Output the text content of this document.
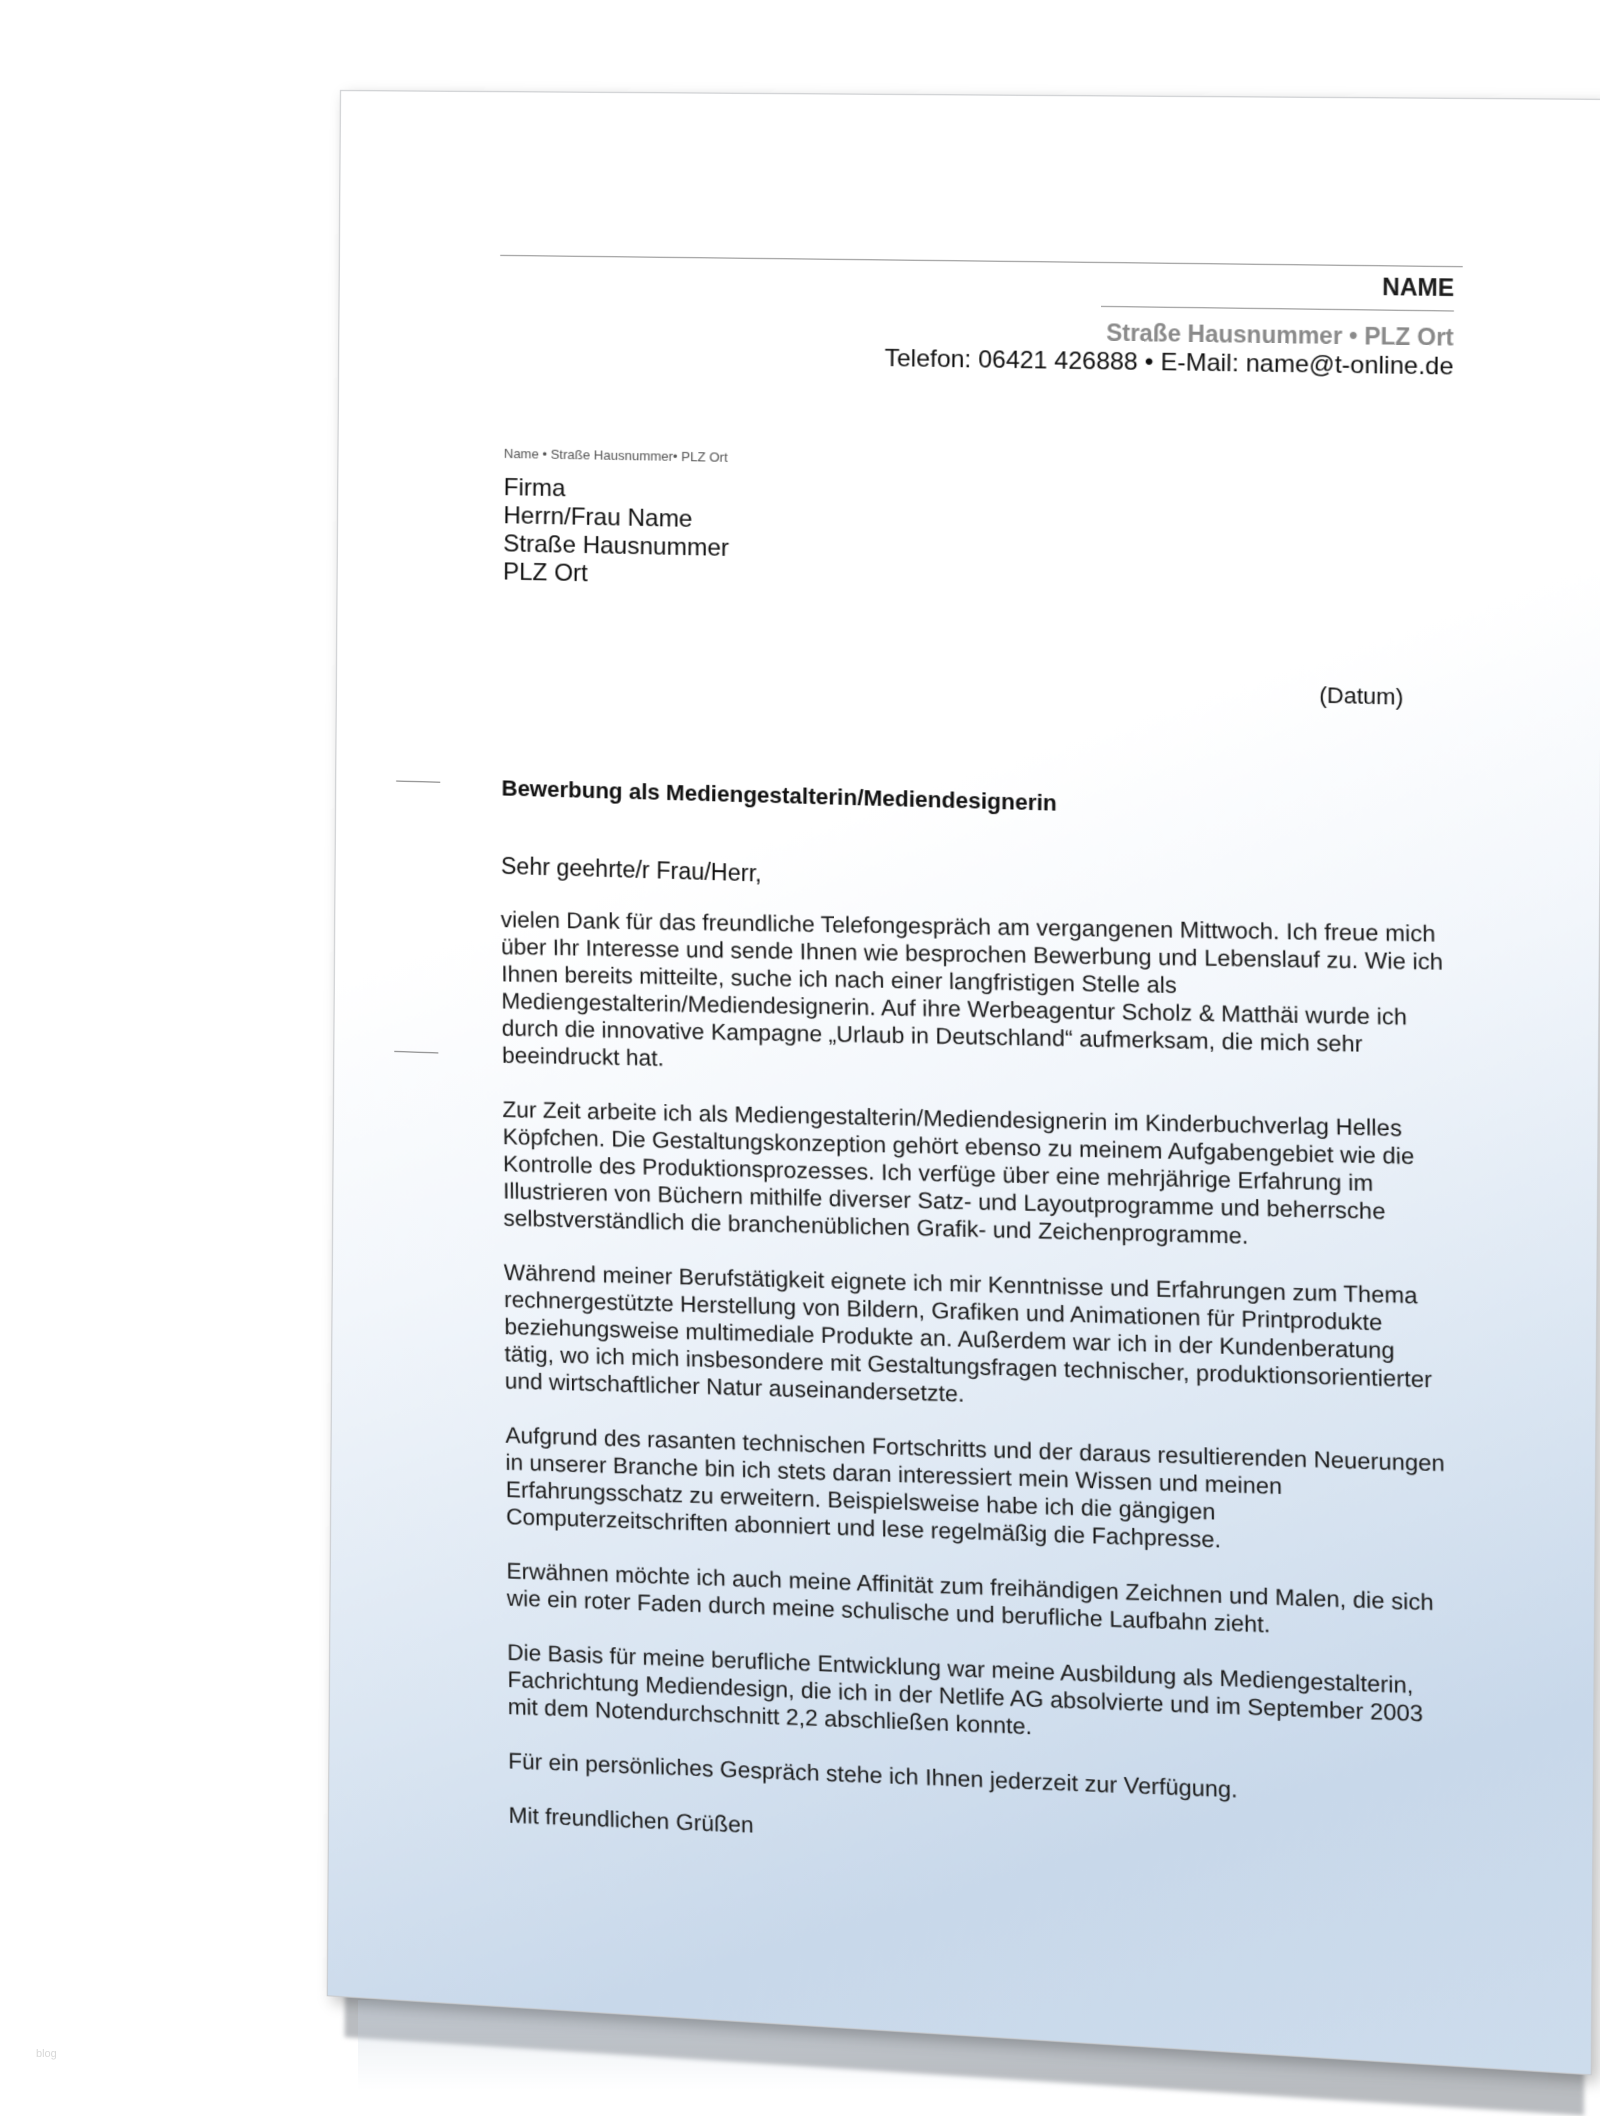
NAME
Straße Hausnummer • PLZ Ort
Telefon: 06421 426888 • E-Mail: name@t-online.de
Name • Straße Hausnummer• PLZ Ort
Firma
Herrn/Frau Name
Straße Hausnummer
PLZ Ort
(Datum)
Bewerbung als Mediengestalterin/Mediendesignerin
Sehr geehrte/r Frau/Herr,

vielen Dank für das freundliche Telefongespräch am vergangenen Mittwoch. Ich freue mich über Ihr Interesse und sende Ihnen wie besprochen Bewerbung und Lebenslauf zu. Wie ich Ihnen bereits mitteilte, suche ich nach einer langfristigen Stelle als Mediengestalterin/Mediendesignerin. Auf ihre Werbeagentur Scholz & Matthäi wurde ich durch die innovative Kampagne „Urlaub in Deutschland“ aufmerksam, die mich sehr beeindruckt hat.

Zur Zeit arbeite ich als Mediengestalterin/Mediendesignerin im Kinderbuchverlag Helles Köpfchen. Die Gestaltungskonzeption gehört ebenso zu meinem Aufgabengebiet wie die Kontrolle des Produktionsprozesses. Ich verfüge über eine mehrjährige Erfahrung im Illustrieren von Büchern mithilfe diverser Satz- und Layoutprogramme und beherrsche selbstverständlich die branchenüblichen Grafik- und Zeichenprogramme.

Während meiner Berufstätigkeit eignete ich mir Kenntnisse und Erfahrungen zum Thema rechnergestützte Herstellung von Bildern, Grafiken und Animationen für Printprodukte beziehungsweise multimediale Produkte an. Außerdem war ich in der Kundenberatung tätig, wo ich mich insbesondere mit Gestaltungsfragen technischer, produktionsorientierter und wirtschaftlicher Natur auseinandersetzte.

Aufgrund des rasanten technischen Fortschritts und der daraus resultierenden Neuerungen in unserer Branche bin ich stets daran interessiert mein Wissen und meinen Erfahrungsschatz zu erweitern. Beispielsweise habe ich die gängigen Computerzeitschriften abonniert und lese regelmäßig die Fachpresse.

Erwähnen möchte ich auch meine Affinität zum freihändigen Zeichnen und Malen, die sich wie ein roter Faden durch meine schulische und berufliche Laufbahn zieht.

Die Basis für meine berufliche Entwicklung war meine Ausbildung als Mediengestalterin, Fachrichtung Mediendesign, die ich in der Netlife AG absolvierte und im September 2003 mit dem Notendurchschnitt 2,2 abschließen konnte.

Für ein persönliches Gespräch stehe ich Ihnen jederzeit zur Verfügung.

Mit freundlichen Grüßen

blog
